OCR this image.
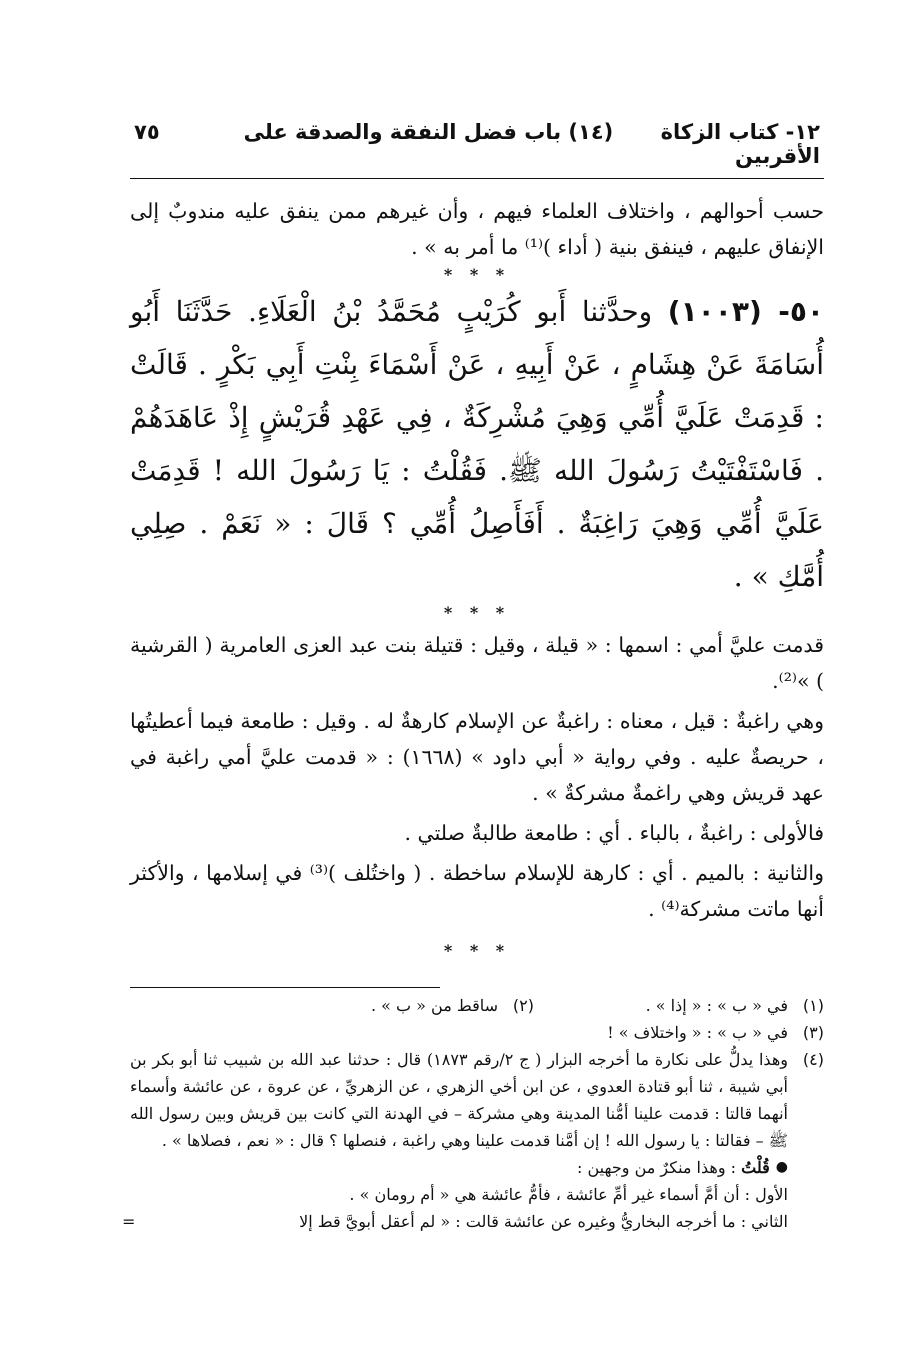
١٢- كتاب الزكاة (١٤) باب فضل النفقة والصدقة على الأقربين
٧٥

حسب أحوالهم ، واختلاف العلماء فيهم ، وأن غيرهم ممن ينفق عليه مندوبٌ إلى الإنفاق عليهم ، فينفق بنية ( أداء )⁽¹⁾ ما أمر به » .

* * *

٥٠- (١٠٠٣) وحدَّثنا أَبو كُرَيْبٍ مُحَمَّدُ بْنُ الْعَلَاءِ. حَدَّثَنَا أَبُو أُسَامَةَ عَنْ هِشَامٍ ، عَنْ أَبِيهِ ، عَنْ أَسْمَاءَ بِنْتِ أَبِي بَكْرٍ . قَالَتْ : قَدِمَتْ عَلَيَّ أُمِّي وَهِيَ مُشْرِكَةٌ ، فِي عَهْدِ قُرَيْشٍ إِذْ عَاهَدَهُمْ . فَاسْتَفْتَيْتُ رَسُولَ الله ﷺ. فَقُلْتُ : يَا رَسُولَ الله ! قَدِمَتْ عَلَيَّ أُمِّي وَهِيَ رَاغِبَةٌ . أَفَأَصِلُ أُمِّي ؟ قَالَ : « نَعَمْ . صِلِي أُمَّكِ » .

* * *

قدمت عليَّ أمي : اسمها : « قيلة ، وقيل : قتيلة بنت عبد العزى العامرية ( القرشية ) »⁽²⁾.

وهي راغبةٌ : قيل ، معناه : راغبةٌ عن الإسلام كارهةٌ له . وقيل : طامعة فيما أعطيتُها ، حريصةٌ عليه . وفي رواية « أبي داود » (١٦٦٨) : « قدمت عليَّ أمي راغبة في عهد قريش وهي راغمةٌ مشركةٌ » .

فالأولى : راغبةٌ ، بالباء . أي : طامعة طالبةٌ صلتي .

والثانية : بالميم . أي : كارهة للإسلام ساخطة . ( واختُلف )⁽³⁾ في إسلامها ، والأكثر أنها ماتت مشركة⁽⁴⁾ .

* * *
(١)
في « ب » : « إذا » .
(٢)
ساقط من « ب » .
(٣)
في « ب » : « واختلاف » !
(٤)
وهذا يدلُّ على نكارة ما أخرجه البزار ( ج ٢/رقم ١٨٧٣) قال : حدثنا عبد الله بن شبيب ثنا أبو بكر بن أبي شيبة ، ثنا أبو قتادة العدوي ، عن ابن أخي الزهري ، عن الزهريِّ ، عن عروة ، عن عائشة وأسماء أنهما قالتا : قدمت علينا أمُّنا المدينة وهي مشركة – في الهدنة التي كانت بين قريش وبين رسول الله ﷺ – فقالتا : يا رسول الله ! إن أمَّنا قدمت علينا وهي راغبة ، فنصلها ؟ قال : « نعم ، فصلاها » .
●
قُلْتُ

: وهذا منكرٌ من وجهين :
الأول : أن أمَّ أسماء غير أمِّ عائشة ، فأمُّ عائشة هي « أم رومان » .
الثاني : ما أخرجه البخاريُّ وغيره عن عائشة قالت : « لم أعقل أبويَّ قط إلا
=
